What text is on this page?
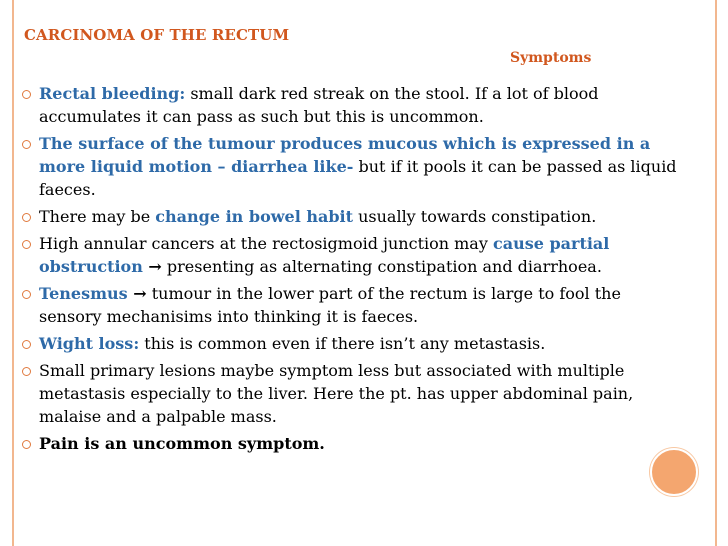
CARCINOMA OF THE RECTUM
Symptoms
Rectal bleeding: small dark red streak on the stool. If a lot of blood accumulates it can pass as such but this is uncommon.
The surface of the tumour produces mucous which is expressed in a more liquid motion – diarrhea like- but if it pools it can be passed as liquid faeces.
There may be change in bowel habit usually towards constipation.
High annular cancers at the rectosigmoid junction may cause partial obstruction → presenting as alternating constipation and diarrhoea.
Tenesmus → tumour in the lower part of the rectum is large to fool the sensory mechanisims into thinking it is faeces.
Wight loss: this is common even if there isn’t any metastasis.
Small primary lesions maybe symptom less but associated with multiple metastasis especially to the liver. Here the pt. has upper abdominal pain, malaise and a palpable mass.
Pain is an uncommon symptom.
